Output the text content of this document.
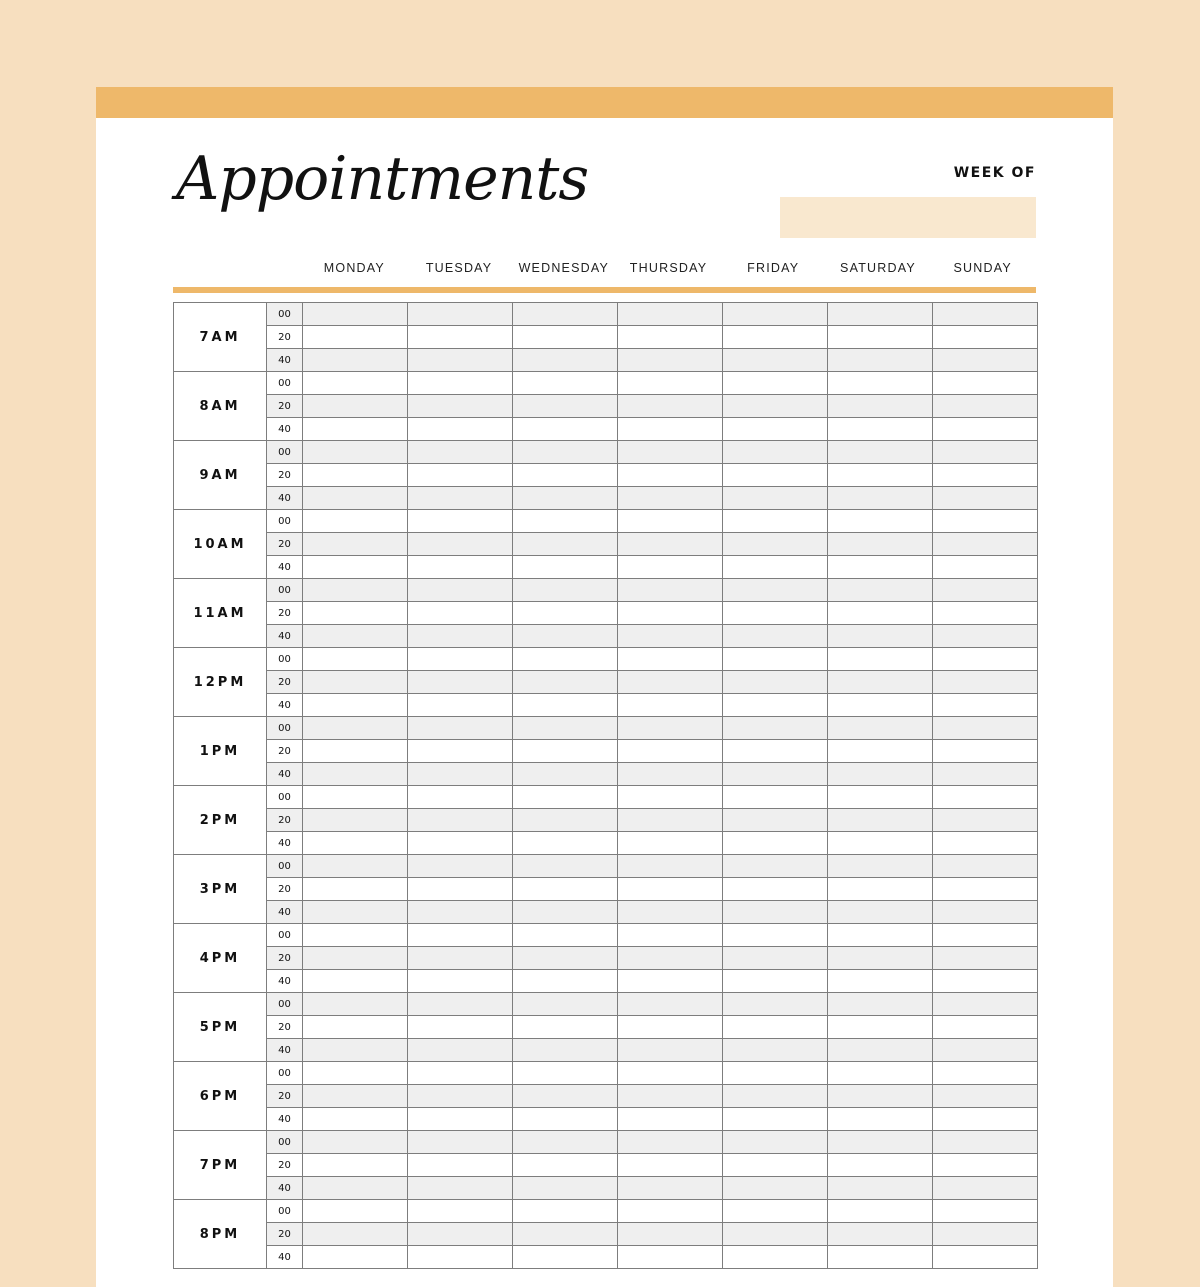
Appointments	WEEK OF
MONDAY	TUESDAY	WEDNESDAY	THURSDAY	FRIDAY	SATURDAY	SUNDAY
7AM	00							
	20							
	40							
8AM	00							
	20							
	40							
9AM	00							
	20							
	40							
10AM	00							
	20							
	40							
11AM	00							
	20							
	40							
12PM	00							
	20							
	40							
1PM	00							
	20							
	40							
2PM	00							
	20							
	40							
3PM	00							
	20							
	40							
4PM	00							
	20							
	40							
5PM	00							
	20							
	40							
6PM	00							
	20							
	40							
7PM	00							
	20							
	40							
8PM	00							
	20							
	40							
